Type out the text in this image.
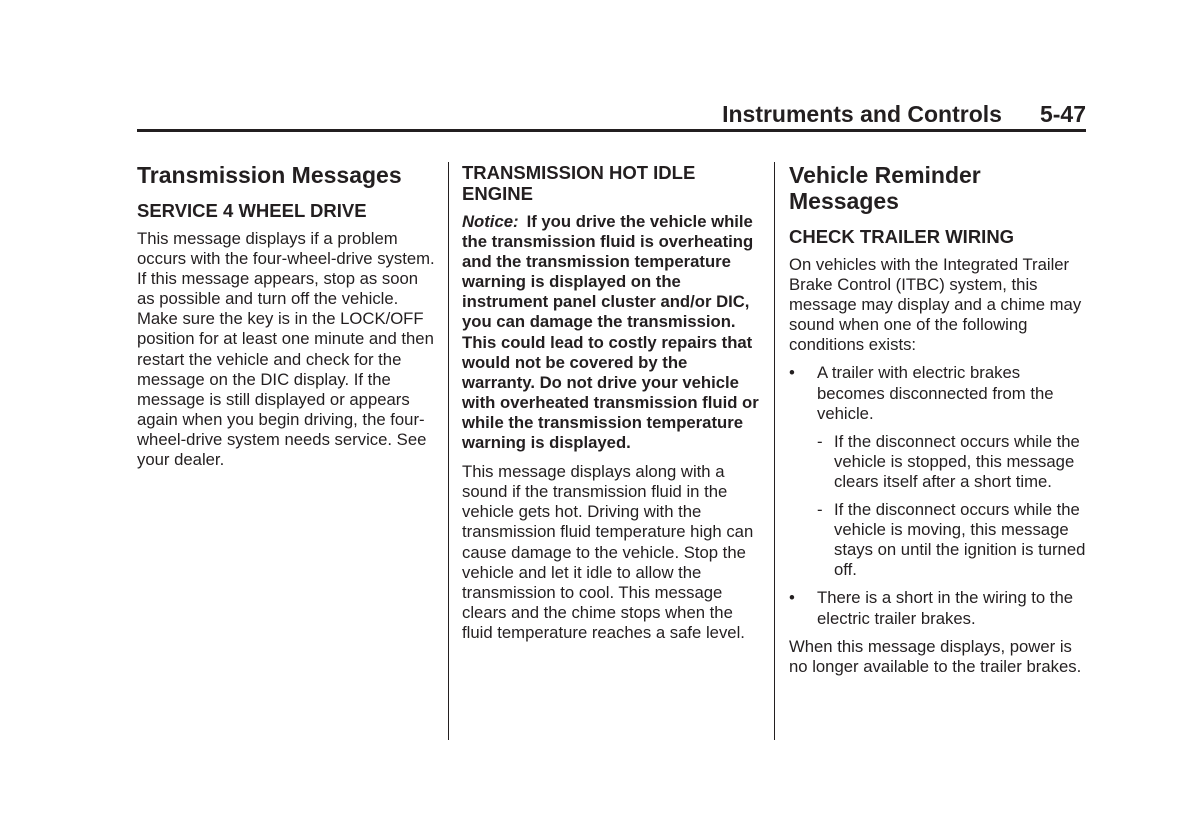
Instruments and Controls 5-47
Transmission Messages
SERVICE 4 WHEEL DRIVE

This message displays if a problem occurs with the four-wheel-drive system. If this message appears, stop as soon as possible and turn off the vehicle. Make sure the key is in the LOCK/OFF position for at least one minute and then restart the vehicle and check for the message on the DIC display. If the message is still displayed or appears again when you begin driving, the four-wheel-drive system needs service. See your dealer.

TRANSMISSION HOT IDLE ENGINE

Notice: If you drive the vehicle while the transmission fluid is overheating and the transmission temperature warning is displayed on the instrument panel cluster and/or DIC, you can damage the transmission. This could lead to costly repairs that would not be covered by the warranty. Do not drive your vehicle with overheated transmission fluid or while the transmission temperature warning is displayed.

This message displays along with a sound if the transmission fluid in the vehicle gets hot. Driving with the transmission fluid temperature high can cause damage to the vehicle. Stop the vehicle and let it idle to allow the transmission to cool. This message clears and the chime stops when the fluid temperature reaches a safe level.

Vehicle Reminder Messages
CHECK TRAILER WIRING

On vehicles with the Integrated Trailer Brake Control (ITBC) system, this message may display and a chime may sound when one of the following conditions exists:

• A trailer with electric brakes becomes disconnected from the vehicle.
- If the disconnect occurs while the vehicle is stopped, this message clears itself after a short time.
- If the disconnect occurs while the vehicle is moving, this message stays on until the ignition is turned off.
• There is a short in the wiring to the electric trailer brakes.

When this message displays, power is no longer available to the trailer brakes.
